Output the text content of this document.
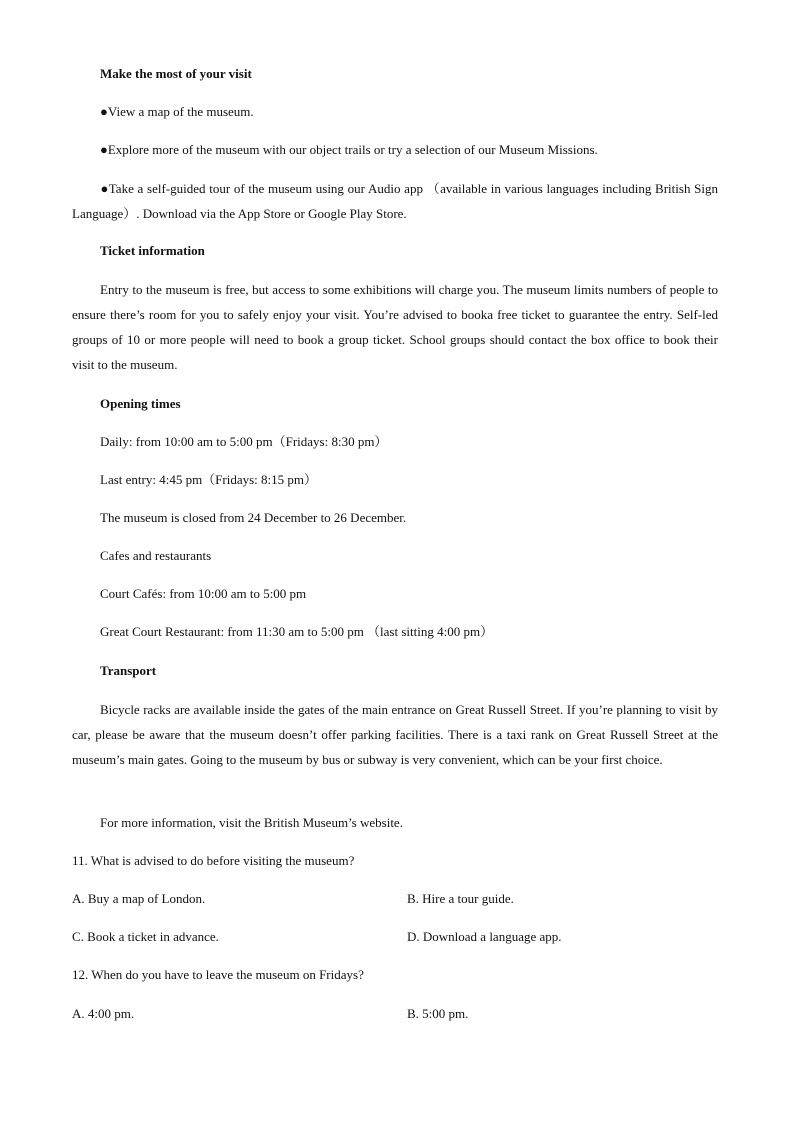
Make the most of your visit
●View a map of the museum.
●Explore more of the museum with our object trails or try a selection of our Museum Missions.
●Take a self-guided tour of the museum using our Audio app （available in various languages including British Sign Language）. Download via the App Store or Google Play Store.
Ticket information
Entry to the museum is free, but access to some exhibitions will charge you. The museum limits numbers of people to ensure there’s room for you to safely enjoy your visit. You’re advised to booka free ticket to guarantee the entry. Self-led groups of 10 or more people will need to book a group ticket. School groups should contact the box office to book their visit to the museum.
Opening times
Daily: from 10:00 am to 5:00 pm（Fridays: 8:30 pm）
Last entry: 4:45 pm（Fridays: 8:15 pm）
The museum is closed from 24 December to 26 December.
Cafes and restaurants
Court Cafés: from 10:00 am to 5:00 pm
Great Court Restaurant: from 11:30 am to 5:00 pm （last sitting 4:00 pm）
Transport
Bicycle racks are available inside the gates of the main entrance on Great Russell Street. If you’re planning to visit by car, please be aware that the museum doesn’t offer parking facilities. There is a taxi rank on Great Russell Street at the museum’s main gates. Going to the museum by bus or subway is very convenient, which can be your first choice.
For more information, visit the British Museum’s website.
11. What is advised to do before visiting the museum?
A. Buy a map of London.	B. Hire a tour guide.
C. Book a ticket in advance.	D. Download a language app.
12. When do you have to leave the museum on Fridays?
A. 4:00 pm.	B. 5:00 pm.
